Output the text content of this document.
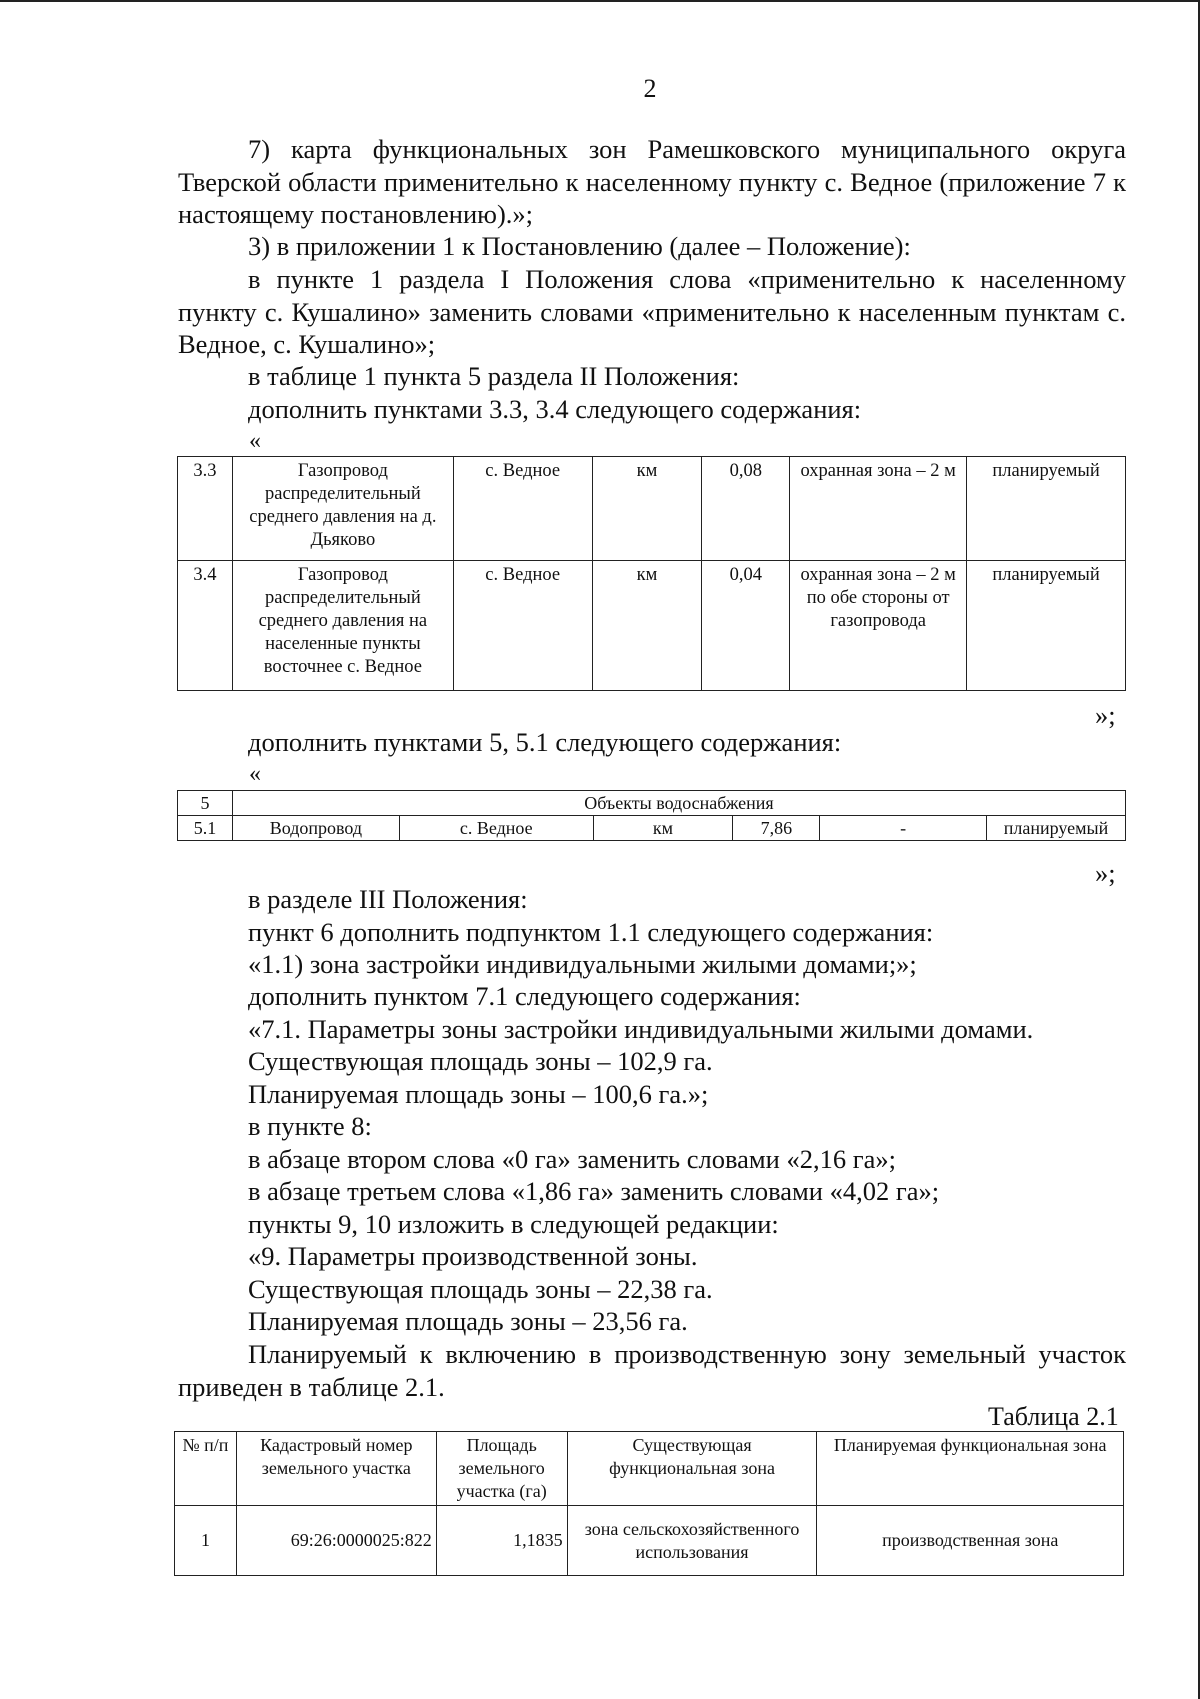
2
7) карта функциональных зон Рамешковского муниципального округа Тверской области применительно к населенному пункту с. Ведное (приложение 7 к настоящему постановлению).»;
3) в приложении 1 к Постановлению (далее – Положение):
в пункте 1 раздела I Положения слова «применительно к населенному пункту с. Кушалино» заменить словами «применительно к населенным пунктам с. Ведное, с. Кушалино»;
в таблице 1 пункта 5 раздела II Положения:
дополнить пунктами 3.3, 3.4 следующего содержания:
«
3.3	Газопровод распределительный среднего давления на д. Дьяково	с. Ведное	км	0,08	охранная зона – 2 м	планируемый
3.4	Газопровод распределительный среднего давления на населенные пункты восточнее с. Ведное	с. Ведное	км	0,04	охранная зона – 2 м по обе стороны от газопровода	планируемый
»;
дополнить пунктами 5, 5.1 следующего содержания:
«
5	Объекты водоснабжения					
5.1	Водопровод	с. Ведное	км	7,86	-	планируемый
»;
в разделе III Положения:
пункт 6 дополнить подпунктом 1.1 следующего содержания:
«1.1) зона застройки индивидуальными жилыми домами;»;
дополнить пунктом 7.1 следующего содержания:
«7.1. Параметры зоны застройки индивидуальными жилыми домами.
Существующая площадь зоны – 102,9 га.
Планируемая площадь зоны – 100,6 га.»;
в пункте 8:
в абзаце втором слова «0 га» заменить словами «2,16 га»;
в абзаце третьем слова «1,86 га» заменить словами «4,02 га»;
пункты 9, 10 изложить в следующей редакции:
«9. Параметры производственной зоны.
Существующая площадь зоны – 22,38 га.
Планируемая площадь зоны – 23,56 га.
Планируемый к включению в производственную зону земельный участок приведен в таблице 2.1.
Таблица 2.1
№ п/п	Кадастровый номер земельного участка	Площадь земельного участка (га)	Существующая функциональная зона	Планируемая функциональная зона
1	69:26:0000025:822	1,1835	зона сельскохозяйственного использования	производственная зона
